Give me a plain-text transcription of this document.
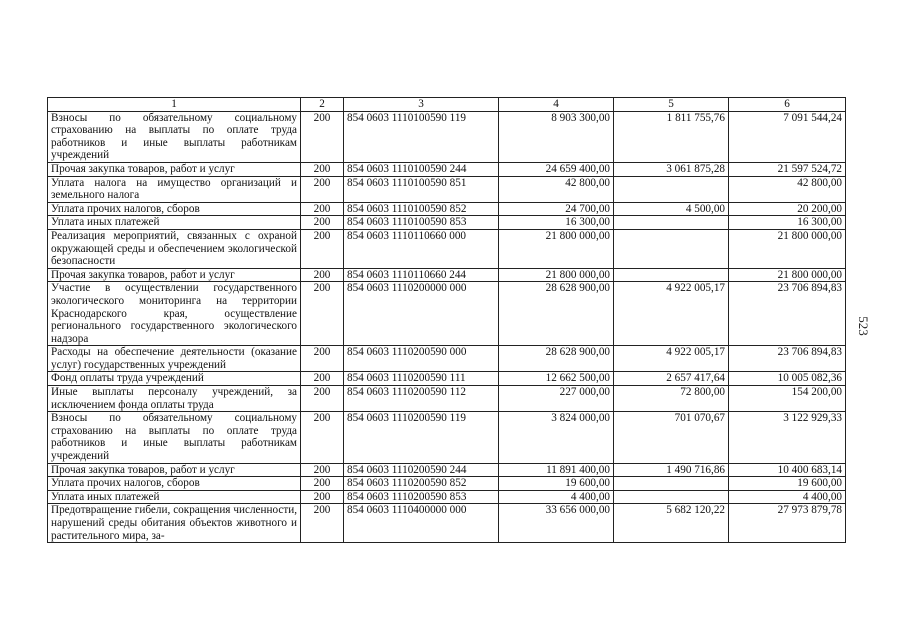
523
1	2	3	4	5	6
Взносы по обязательному социальному страхованию на выплаты по оплате труда работников и иные выплаты работникам учреждений	200	854 0603 1110100590 119	8 903 300,00	1 811 755,76	7 091 544,24
Прочая закупка товаров, работ и услуг	200	854 0603 1110100590 244	24 659 400,00	3 061 875,28	21 597 524,72
Уплата налога на имущество организаций и земельного налога	200	854 0603 1110100590 851	42 800,00		42 800,00
Уплата прочих налогов, сборов	200	854 0603 1110100590 852	24 700,00	4 500,00	20 200,00
Уплата иных платежей	200	854 0603 1110100590 853	16 300,00		16 300,00
Реализация мероприятий, связанных с охраной окружающей среды и обеспечением экологической безопасности	200	854 0603 1110110660 000	21 800 000,00		21 800 000,00
Прочая закупка товаров, работ и услуг	200	854 0603 1110110660 244	21 800 000,00		21 800 000,00
Участие в осуществлении государственного экологического мониторинга на территории Краснодарского края, осуществление регионального государственного экологического надзора	200	854 0603 1110200000 000	28 628 900,00	4 922 005,17	23 706 894,83
Расходы на обеспечение деятельности (оказание услуг) государственных учреждений	200	854 0603 1110200590 000	28 628 900,00	4 922 005,17	23 706 894,83
Фонд оплаты труда учреждений	200	854 0603 1110200590 111	12 662 500,00	2 657 417,64	10 005 082,36
Иные выплаты персоналу учреждений, за исключением фонда оплаты труда	200	854 0603 1110200590 112	227 000,00	72 800,00	154 200,00
Взносы по обязательному социальному страхованию на выплаты по оплате труда работников и иные выплаты работникам учреждений	200	854 0603 1110200590 119	3 824 000,00	701 070,67	3 122 929,33
Прочая закупка товаров, работ и услуг	200	854 0603 1110200590 244	11 891 400,00	1 490 716,86	10 400 683,14
Уплата прочих налогов, сборов	200	854 0603 1110200590 852	19 600,00		19 600,00
Уплата иных платежей	200	854 0603 1110200590 853	4 400,00		4 400,00
Предотвращение гибели, сокращения численности, нарушений среды обитания объектов животного и растительного мира, за-	200	854 0603 1110400000 000	33 656 000,00	5 682 120,22	27 973 879,78
